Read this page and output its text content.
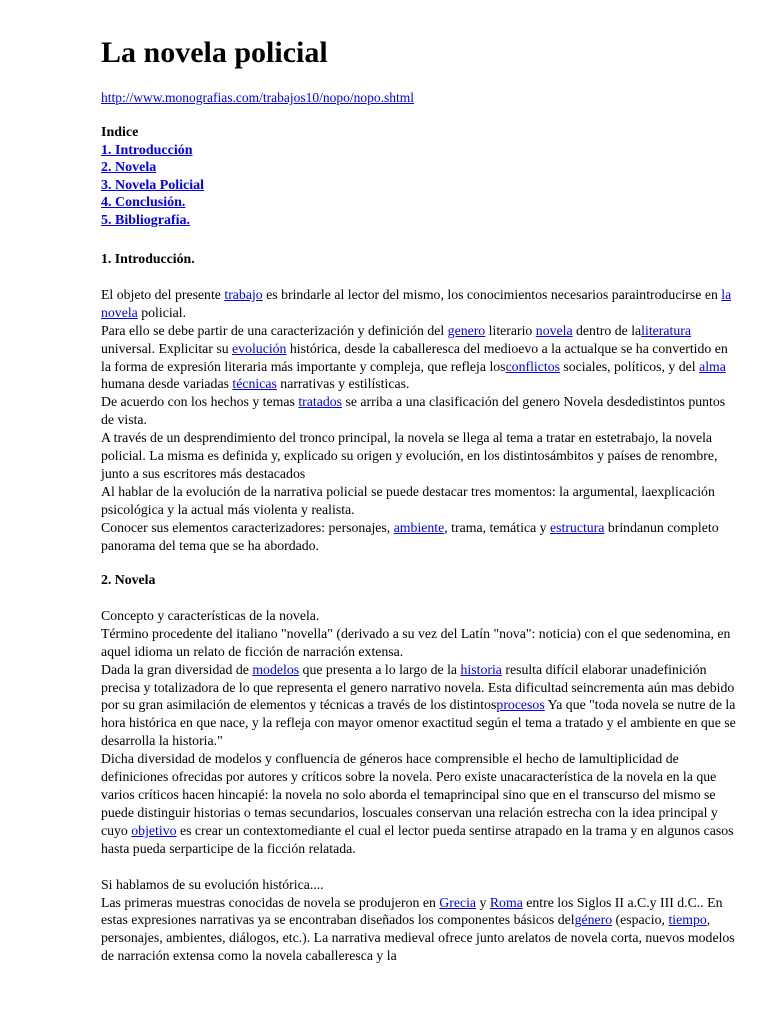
La novela policial
http://www.monografias.com/trabajos10/nopo/nopo.shtml
Indice
1. Introducción
2. Novela
3. Novela Policial
4. Conclusión.
5. Bibliografía.

1. Introducción.

El objeto del presente trabajo es brindarle al lector del mismo, los conocimientos necesarios paraintroducirse en la novela policial.

Para ello se debe partir de una caracterización y definición del genero literario novela dentro de laliteratura universal. Explicitar su evolución histórica, desde la caballeresca del medioevo a la actualque se ha convertido en la forma de expresión literaria más importante y compleja, que refleja losconflictos sociales, políticos, y del alma humana desde variadas técnicas narrativas y estilísticas.

De acuerdo con los hechos y temas tratados se arriba a una clasificación del genero Novela desdedistintos puntos de vista.

A través de un desprendimiento del tronco principal, la novela se llega al tema a tratar en estetrabajo, la novela policial. La misma es definida y, explicado su origen y evolución, en los distintosámbitos y países de renombre, junto a sus escritores más destacados

Al hablar de la evolución de la narrativa policial se puede destacar tres momentos: la argumental, laexplicación psicológica y la actual más violenta y realista.

Conocer sus elementos caracterizadores: personajes, ambiente, trama, temática y estructura brindanun completo panorama del tema que se ha abordado.

2. Novela

Concepto y características de la novela.

Término procedente del italiano "novella" (derivado a su vez del Latín "nova": noticia) con el que sedenomina, en aquel idioma un relato de ficción de narración extensa.

Dada la gran diversidad de modelos que presenta a lo largo de la historia resulta difícil elaborar unadefinición precisa y totalizadora de lo que representa el genero narrativo novela. Esta dificultad seincrementa aún mas debido por su gran asimilación de elementos y técnicas a través de los distintosprocesos Ya que "toda novela se nutre de la hora histórica en que nace, y la refleja con mayor omenor exactitud según el tema a tratado y el ambiente en que se desarrolla la historia."

Dicha diversidad de modelos y confluencia de géneros hace comprensible el hecho de lamultiplicidad de definiciones ofrecidas por autores y críticos sobre la novela. Pero existe unacaracterística de la novela en la que varios críticos hacen hincapié: la novela no solo aborda el temaprincipal sino que en el transcurso del mismo se puede distinguir historias o temas secundarios, loscuales conservan una relación estrecha con la idea principal y cuyo objetivo es crear un contextomediante el cual el lector pueda sentirse atrapado en la trama y en algunos casos hasta pueda serparticipe de la ficción relatada.

Si hablamos de su evolución histórica....

Las primeras muestras conocidas de novela se produjeron en Grecia y Roma entre los Siglos II a.C.y III d.C.. En estas expresiones narrativas ya se encontraban diseñados los componentes básicos delgénero (espacio, tiempo, personajes, ambientes, diálogos, etc.). La narrativa medieval ofrece junto arelatos de novela corta, nuevos modelos de narración extensa como la novela caballeresca y la
